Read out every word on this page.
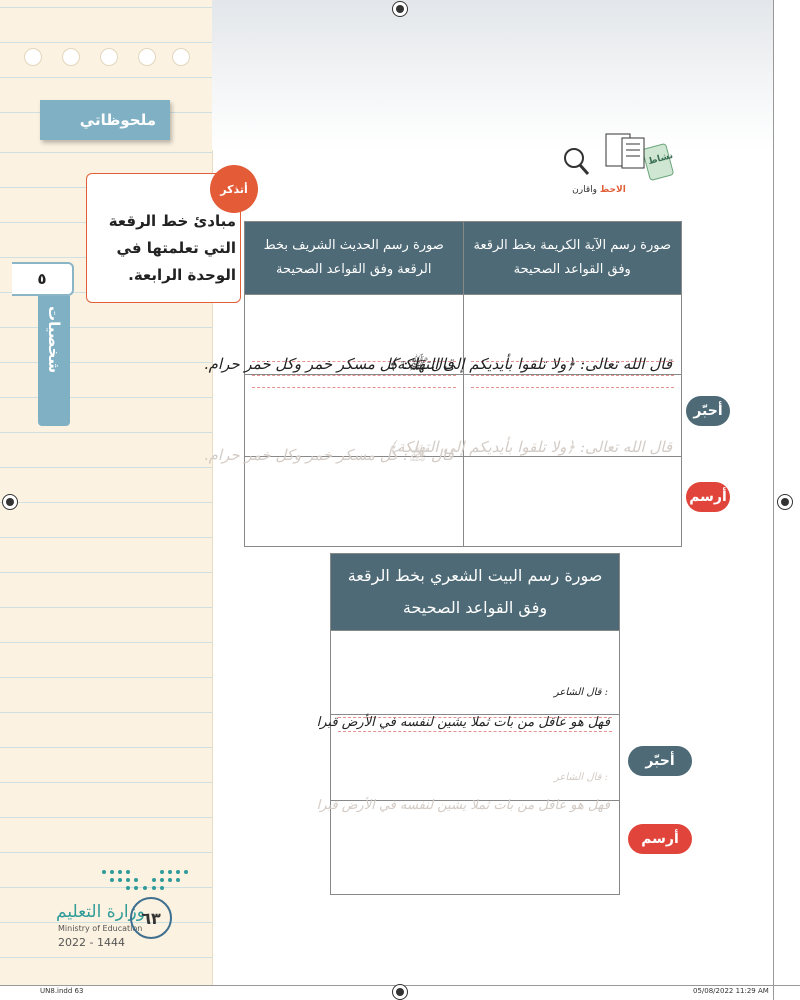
ملحوظاتي
٥
شخصيات
أتذكر
مبادئ خط الرقعة التي تعلمتها في الوحدة الرابعة.
نشاط
الاحظ واقارن
صورة رسم الحديث الشريف بخط الرقعة وفق القواعد الصحيحة	صورة رسم الآية الكريمة بخط الرقعة وفق القواعد الصحيحة

قال ﷺ: كل مسكر خمر وكل خمر حرام.	قال الله تعالى: ﴿ولا تلقوا بأيديكم إلى التهلكة﴾

قال ﷺ: كل مسكر خمر وكل خمر حرام.	قال الله تعالى: ﴿ولا تلقوا بأيديكم إلى التهلكة﴾

أحبّر
أرسم
صورة رسم البيت الشعري بخط الرقعة وفق القواعد الصحيحة

قال الشاعر :
فهل هو عاقل من بات ثملا يشين لنفسه في الأرض قبرا

قال الشاعر :
فهل هو عاقل من بات ثملا يشين لنفسه في الأرض قبرا

أحبّر
أرسم
وزارة التعليم
Ministry of Education
2022 - 1444
٦٣
UN8.indd 63	05/08/2022 11:29 AM
